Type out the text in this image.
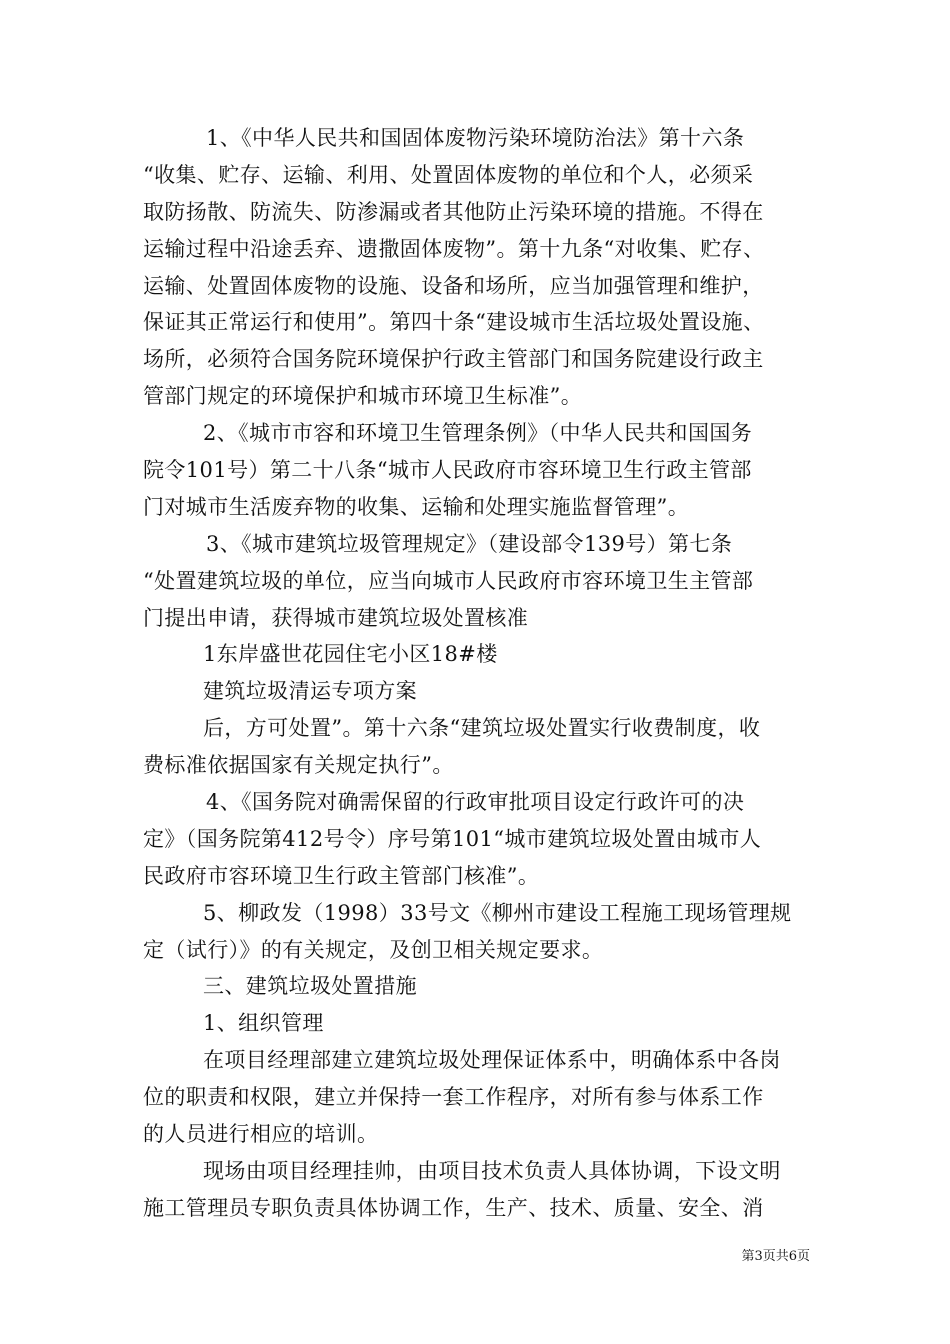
1、《中华人民共和国固体废物污染环境防治法》第十六条
“收集、贮存、运输、利用、处置固体废物的单位和个人，必须采
取防扬散、防流失、防渗漏或者其他防止污染环境的措施。不得在
运输过程中沿途丢弃、遗撒固体废物”。第十九条“对收集、贮存、
运输、处置固体废物的设施、设备和场所，应当加强管理和维护，
保证其正常运行和使用”。第四十条“建设城市生活垃圾处置设施、
场所，必须符合国务院环境保护行政主管部门和国务院建设行政主
管部门规定的环境保护和城市环境卫生标准”。
2、《城市市容和环境卫生管理条例》（中华人民共和国国务
院令101号）第二十八条“城市人民政府市容环境卫生行政主管部
门对城市生活废弃物的收集、运输和处理实施监督管理”。
3、《城市建筑垃圾管理规定》（建设部令139号）第七条
“处置建筑垃圾的单位，应当向城市人民政府市容环境卫生主管部
门提出申请，获得城市建筑垃圾处置核准
1东岸盛世花园住宅小区18#楼
建筑垃圾清运专项方案
后，方可处置”。第十六条“建筑垃圾处置实行收费制度，收
费标准依据国家有关规定执行”。
4、《国务院对确需保留的行政审批项目设定行政许可的决
定》（国务院第412号令）序号第101“城市建筑垃圾处置由城市人
民政府市容环境卫生行政主管部门核准”。
5、柳政发（1998）33号文《柳州市建设工程施工现场管理规
定（试行）》的有关规定，及创卫相关规定要求。
三、建筑垃圾处置措施
1、组织管理
在项目经理部建立建筑垃圾处理保证体系中，明确体系中各岗
位的职责和权限，建立并保持一套工作程序，对所有参与体系工作
的人员进行相应的培训。
现场由项目经理挂帅，由项目技术负责人具体协调，下设文明
施工管理员专职负责具体协调工作，生产、技术、质量、安全、消
第3页共6页
